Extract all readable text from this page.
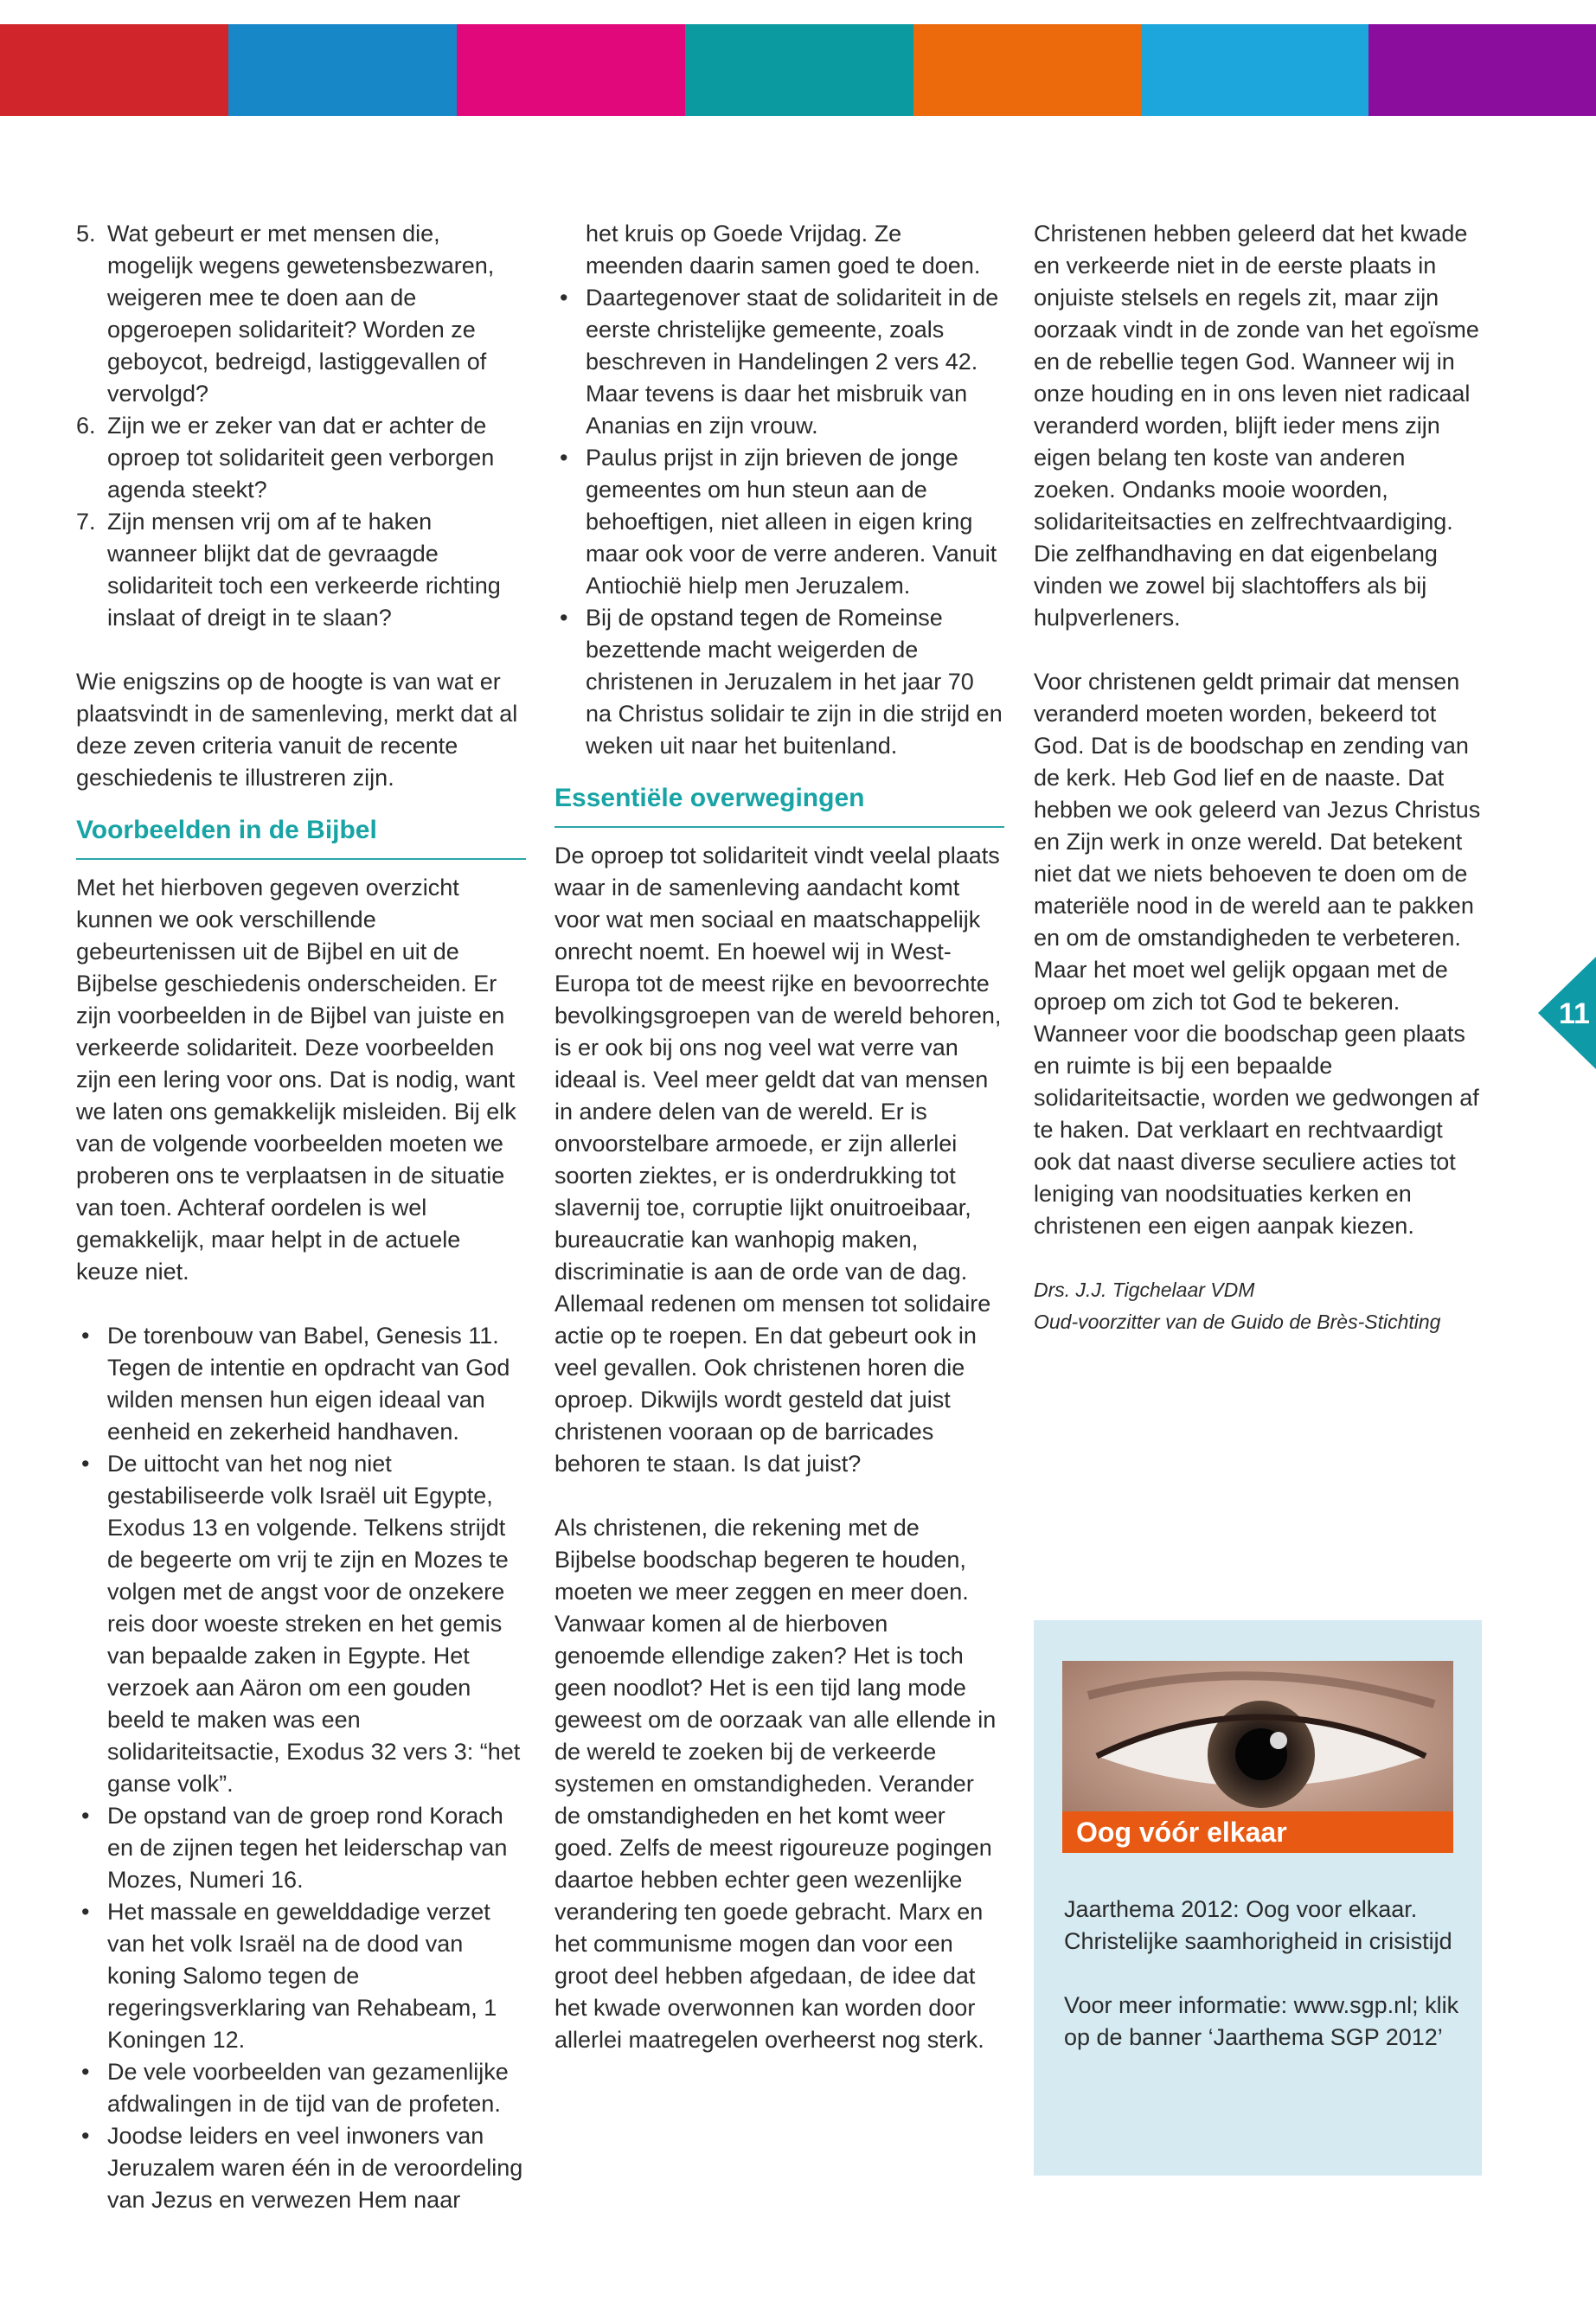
5. Wat gebeurt er met mensen die, mogelijk wegens gewetensbezwaren, weigeren mee te doen aan de opgeroepen solidariteit? Worden ze geboycot, bedreigd, lastiggevallen of vervolgd?
6. Zijn we er zeker van dat er achter de oproep tot solidariteit geen verborgen agenda steekt?
7. Zijn mensen vrij om af te haken wanneer blijkt dat de gevraagde solidariteit toch een verkeerde richting inslaat of dreigt in te slaan?

Wie enigszins op de hoogte is van wat er plaatsvindt in de samenleving, merkt dat al deze zeven criteria vanuit de recente geschiedenis te illustreren zijn.

Voorbeelden in de Bijbel

Met het hierboven gegeven overzicht kunnen we ook verschillende gebeurtenissen uit de Bijbel en uit de Bijbelse geschiedenis onderscheiden. Er zijn voorbeelden in de Bijbel van juiste en verkeerde solidariteit. Deze voorbeelden zijn een lering voor ons. Dat is nodig, want we laten ons gemakkelijk misleiden. Bij elk van de volgende voorbeelden moeten we proberen ons te verplaatsen in de situatie van toen. Achteraf oordelen is wel gemakkelijk, maar helpt in de actuele keuze niet.

• De torenbouw van Babel, Genesis 11. Tegen de intentie en opdracht van God wilden mensen hun eigen ideaal van eenheid en zekerheid handhaven.
• De uittocht van het nog niet gestabiliseerde volk Israël uit Egypte, Exodus 13 en volgende. Telkens strijdt de begeerte om vrij te zijn en Mozes te volgen met de angst voor de onzekere reis door woeste streken en het gemis van bepaalde zaken in Egypte. Het verzoek aan Aäron om een gouden beeld te maken was een solidariteitsactie, Exodus 32 vers 3: “het ganse volk”.
• De opstand van de groep rond Korach en de zijnen tegen het leiderschap van Mozes, Numeri 16.
• Het massale en gewelddadige verzet van het volk Israël na de dood van koning Salomo tegen de regeringsverklaring van Rehabeam, 1 Koningen 12.
• De vele voorbeelden van gezamenlijke afdwalingen in de tijd van de profeten.
• Joodse leiders en veel inwoners van Jeruzalem waren één in de veroordeling van Jezus en verwezen Hem naar

het kruis op Goede Vrijdag. Ze meenden daarin samen goed te doen.

• Daartegenover staat de solidariteit in de eerste christelijke gemeente, zoals beschreven in Handelingen 2 vers 42. Maar tevens is daar het misbruik van Ananias en zijn vrouw.
• Paulus prijst in zijn brieven de jonge gemeentes om hun steun aan de behoeftigen, niet alleen in eigen kring maar ook voor de verre anderen. Vanuit Antiochië hielp men Jeruzalem.
• Bij de opstand tegen de Romeinse bezettende macht weigerden de christenen in Jeruzalem in het jaar 70 na Christus solidair te zijn in die strijd en weken uit naar het buitenland.
Essentiële overwegingen

De oproep tot solidariteit vindt veelal plaats waar in de samenleving aandacht komt voor wat men sociaal en maatschappelijk onrecht noemt. En hoewel wij in West-Europa tot de meest rijke en bevoorrechte bevolkingsgroepen van de wereld behoren, is er ook bij ons nog veel wat verre van ideaal is. Veel meer geldt dat van mensen in andere delen van de wereld. Er is onvoorstelbare armoede, er zijn allerlei soorten ziektes, er is onderdrukking tot slavernij toe, corruptie lijkt onuitroeibaar, bureaucratie kan wanhopig maken, discriminatie is aan de orde van de dag. Allemaal redenen om mensen tot solidaire actie op te roepen. En dat gebeurt ook in veel gevallen. Ook christenen horen die oproep. Dikwijls wordt gesteld dat juist christenen vooraan op de barricades behoren te staan. Is dat juist?

Als christenen, die rekening met de Bijbelse boodschap begeren te houden, moeten we meer zeggen en meer doen. Vanwaar komen al de hierboven genoemde ellendige zaken? Het is toch geen noodlot? Het is een tijd lang mode geweest om de oorzaak van alle ellende in de wereld te zoeken bij de verkeerde systemen en omstandigheden. Verander de omstandigheden en het komt weer goed. Zelfs de meest rigoureuze pogingen daartoe hebben echter geen wezenlijke verandering ten goede gebracht. Marx en het communisme mogen dan voor een groot deel hebben afgedaan, de idee dat het kwade overwonnen kan worden door allerlei maatregelen overheerst nog sterk.

Christenen hebben geleerd dat het kwade en verkeerde niet in de eerste plaats in onjuiste stelsels en regels zit, maar zijn oorzaak vindt in de zonde van het egoïsme en de rebellie tegen God. Wanneer wij in onze houding en in ons leven niet radicaal veranderd worden, blijft ieder mens zijn eigen belang ten koste van anderen zoeken. Ondanks mooie woorden, solidariteitsacties en zelfrechtvaardiging. Die zelfhandhaving en dat eigenbelang vinden we zowel bij slachtoffers als bij hulpverleners.

Voor christenen geldt primair dat mensen veranderd moeten worden, bekeerd tot God. Dat is de boodschap en zending van de kerk. Heb God lief en de naaste. Dat hebben we ook geleerd van Jezus Christus en Zijn werk in onze wereld. Dat betekent niet dat we niets behoeven te doen om de materiële nood in de wereld aan te pakken en om de omstandigheden te verbeteren. Maar het moet wel gelijk opgaan met de oproep om zich tot God te bekeren. Wanneer voor die boodschap geen plaats en ruimte is bij een bepaalde solidariteitsactie, worden we gedwongen af te haken. Dat verklaart en rechtvaardigt ook dat naast diverse seculiere acties tot leniging van noodsituaties kerken en christenen een eigen aanpak kiezen.

Drs. J.J. Tigchelaar VDM
Oud-voorzitter van de Guido de Brès-Stichting
11
Oog vóór elkaar

Jaarthema 2012: Oog voor elkaar. Christelijke saamhorigheid in crisistijd

Voor meer informatie: www.sgp.nl; klik op de banner ‘Jaarthema SGP 2012’
